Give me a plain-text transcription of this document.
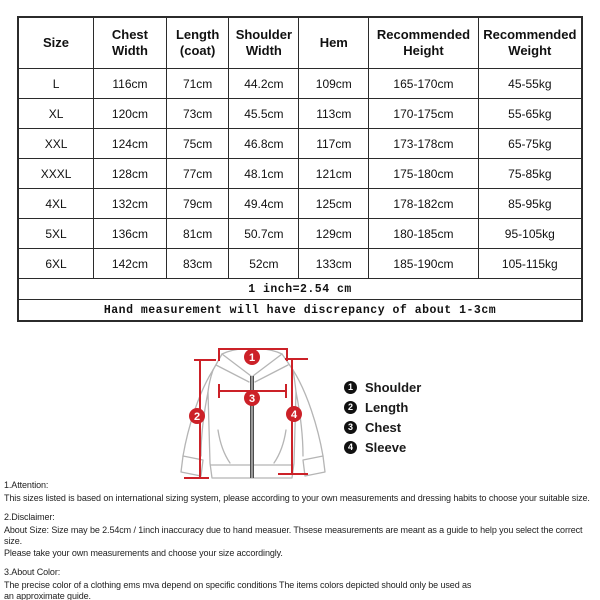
Size	Chest Width	Length (coat)	Shoulder Width	Hem	Recommended Height	Recommended Weight
L	116cm	71cm	44.2cm	109cm	165-170cm	45-55kg
XL	120cm	73cm	45.5cm	113cm	170-175cm	55-65kg
XXL	124cm	75cm	46.8cm	117cm	173-178cm	65-75kg
XXXL	128cm	77cm	48.1cm	121cm	175-180cm	75-85kg
4XL	132cm	79cm	49.4cm	125cm	178-182cm	85-95kg
5XL	136cm	81cm	50.7cm	129cm	180-185cm	95-105kg
6XL	142cm	83cm	52cm	133cm	185-190cm	105-115kg
1 inch=2.54 cm						
Hand measurement will have discrepancy of about 1-3cm						
1
2
3
4
1 Shoulder
2 Length
3 Chest
4 Sleeve
1.Attention:
This sizes listed is based on international sizing system, please according to your own measurements and dressing habits to choose your suitable size.
2.Disclaimer:
About Size: Size may be 2.54cm / 1inch inaccuracy due to hand measuer. Thsese measurements are meant as a guide to help you select the correct size.
Please take your own measurements and choose your size accordingly.
3.About Color:
The precise color of a clothing ems mva depend on specific conditions The items colors depicted should only be used as
an approximate guide.
